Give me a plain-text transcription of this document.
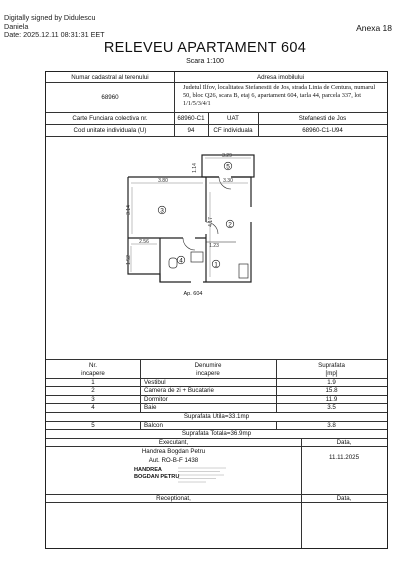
Digitally signed by Didulescu
Daniela
Date: 2025.12.11 08:31:31 EET
Anexa 18
RELEVEU APARTAMENT 604
Scara 1:100
Numar cadastral al terenului	Adresa imobilului
68960
Judetul Ilfov, localitatea Stefanestii de Jos, strada Linia de Centura, numarul 50, bloc Q26, scara B, etaj 6, apartament 604, tarla 44, parcela 337, lot 1/1/5/3/4/1
Carte Funciara colectiva nr.	68960-C1	UAT	Stefanesti de Jos
Cod unitate individuala (U)	94	CF individuala	68960-C1-U94
3.29
1.14
3.80	3.30
3.14
4.17
2.56
1.23
1.52
3
2
4
1
5
Ap. 604
Nr.
incapere
Denumire
incapere
Suprafata
[mp]
1	Vestibul	1.9
2	Camera de zi + Bucatarie	15.8
3	Dormitor	11.9
4	Baie	3.5
Suprafata Utila=33.1mp
5	Balcon	3.8
Suprafata Totala=36.9mp
Executant,
Handrea Bogdan Petru
Aut. RO-B-F 1438
HANDREA
BOGDAN PETRU
Data,
11.11.2025
Receptionat,	Data,
